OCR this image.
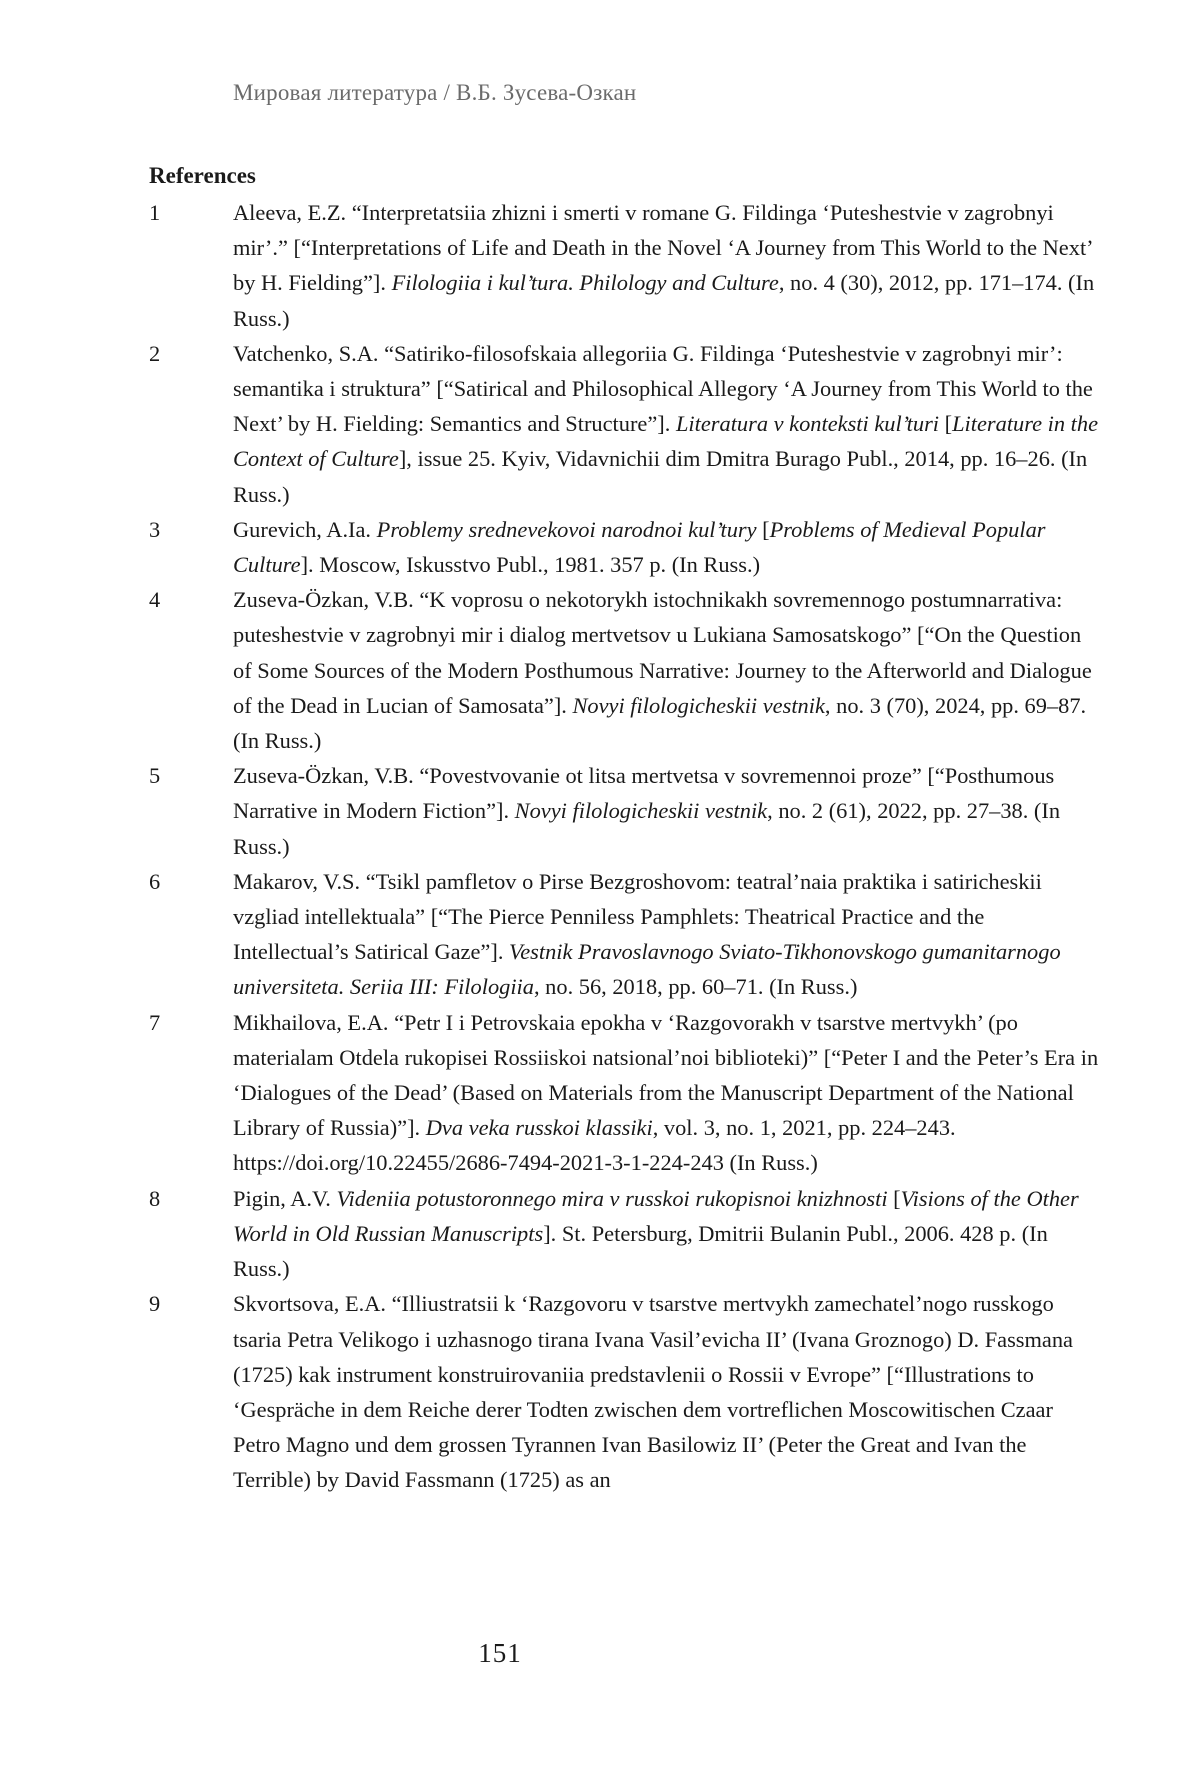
Мировая литература / В.Б. Зусева-Озкан
References
1	Aleeva, E.Z. “Interpretatsiia zhizni i smerti v romane G. Fildinga ‘Puteshestvie v zagrobnyi mir’.” [“Interpretations of Life and Death in the Novel ‘A Journey from This World to the Next’ by H. Fielding”]. Filologiia i kul’tura. Philology and Culture, no. 4 (30), 2012, pp. 171–174. (In Russ.)
2	Vatchenko, S.A. “Satiriko-filosofskaia allegoriia G. Fildinga ‘Puteshestvie v zagrobnyi mir’: semantika i struktura” [“Satirical and Philosophical Allegory ‘A Journey from This World to the Next’ by H. Fielding: Semantics and Structure”]. Literatura v konteksti kul’turi [Literature in the Context of Culture], issue 25. Kyiv, Vidavnichii dim Dmitra Burago Publ., 2014, pp. 16–26. (In Russ.)
3	Gurevich, A.Ia. Problemy srednevekovoi narodnoi kul’tury [Problems of Medieval Popular Culture]. Moscow, Iskusstvo Publ., 1981. 357 p. (In Russ.)
4	Zuseva-Özkan, V.B. “K voprosu o nekotorykh istochnikakh sovremennogo postumnarrativa: puteshestvie v zagrobnyi mir i dialog mertvetsov u Lukiana Samosatskogo” [“On the Question of Some Sources of the Modern Posthumous Narrative: Journey to the Afterworld and Dialogue of the Dead in Lucian of Samosata”]. Novyi filologicheskii vestnik, no. 3 (70), 2024, pp. 69–87. (In Russ.)
5	Zuseva-Özkan, V.B. “Povestvovanie ot litsa mertvetsa v sovremennoi proze” [“Posthumous Narrative in Modern Fiction”]. Novyi filologicheskii vestnik, no. 2 (61), 2022, pp. 27–38. (In Russ.)
6	Makarov, V.S. “Tsikl pamfletov o Pirse Bezgroshovom: teatral’naia praktika i satiricheskii vzgliad intellektuala” [“The Pierce Penniless Pamphlets: Theatrical Practice and the Intellectual’s Satirical Gaze”]. Vestnik Pravoslavnogo Sviato-Tikhonovskogo gumanitarnogo universiteta. Seriia III: Filologiia, no. 56, 2018, pp. 60–71. (In Russ.)
7	Mikhailova, E.A. “Petr I i Petrovskaia epokha v ‘Razgovorakh v tsarstve mertvykh’ (po materialam Otdela rukopisei Rossiiskoi natsional’noi biblioteki)” [“Peter I and the Peter’s Era in ‘Dialogues of the Dead’ (Based on Materials from the Manuscript Department of the National Library of Russia)”]. Dva veka russkoi klassiki, vol. 3, no. 1, 2021, pp. 224–243. https://doi.org/10.22455/2686-7494-2021-3-1-224-243 (In Russ.)
8	Pigin, A.V. Videniia potustoronnego mira v russkoi rukopisnoi knizhnosti [Visions of the Other World in Old Russian Manuscripts]. St. Petersburg, Dmitrii Bulanin Publ., 2006. 428 p. (In Russ.)
9	Skvortsova, E.A. “Illiustratsii k ‘Razgovoru v tsarstve mertvykh zamechatel’nogo russkogo tsaria Petra Velikogo i uzhasnogo tirana Ivana Vasil’evicha II’ (Ivana Groznogo) D. Fassmana (1725) kak instrument konstruirovaniia predstavlenii o Rossii v Evrope” [“Illustrations to ‘Gespräche in dem Reiche derer Todten zwischen dem vortreflichen Moscowitischen Czaar Petro Magno und dem grossen Tyrannen Ivan Basilowiz II’ (Peter the Great and Ivan the Terrible) by David Fassmann (1725) as an
151
